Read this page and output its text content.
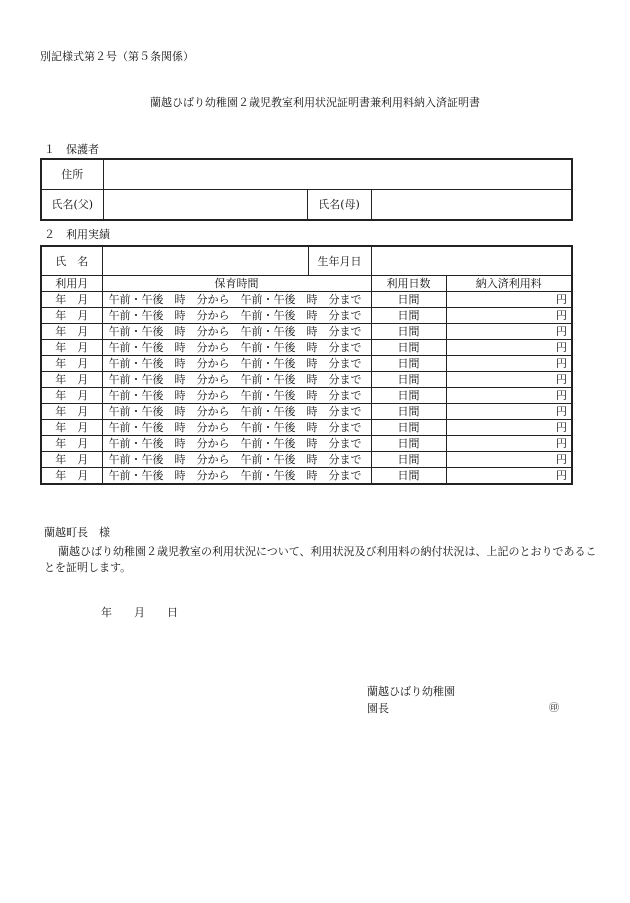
別記様式第２号（第５条関係）
蘭越ひばり幼稚園２歳児教室利用状況証明書兼利用料納入済証明書
１　保護者
住所			
氏名(父)		氏名(母)	
２　利用実績
氏　名		生年月日		
利用月	保育時間		利用日数	納入済利用料
年　月	午前・午後　時　分から　午前・午後　時　分まで		日間	円
年　月	午前・午後　時　分から　午前・午後　時　分まで		日間	円
年　月	午前・午後　時　分から　午前・午後　時　分まで		日間	円
年　月	午前・午後　時　分から　午前・午後　時　分まで		日間	円
年　月	午前・午後　時　分から　午前・午後　時　分まで		日間	円
年　月	午前・午後　時　分から　午前・午後　時　分まで		日間	円
年　月	午前・午後　時　分から　午前・午後　時　分まで		日間	円
年　月	午前・午後　時　分から　午前・午後　時　分まで		日間	円
年　月	午前・午後　時　分から　午前・午後　時　分まで		日間	円
年　月	午前・午後　時　分から　午前・午後　時　分まで		日間	円
年　月	午前・午後　時　分から　午前・午後　時　分まで		日間	円
年　月	午前・午後　時　分から　午前・午後　時　分まで		日間	円
蘭越町長　様
蘭越ひばり幼稚園２歳児教室の利用状況について、利用状況及び利用料の納付状況は、上記のとおりであるこ
とを証明します。
年　　月　　日
蘭越ひばり幼稚園
園長	㊞
